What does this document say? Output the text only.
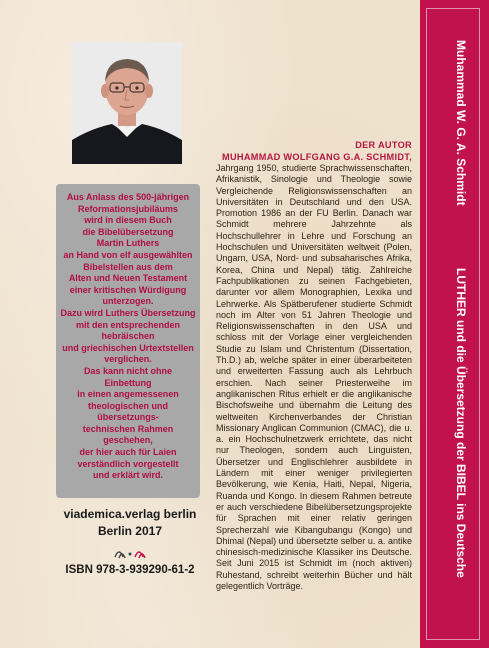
Muhammad W. G. A. Schmidt
LUTHER und die Übersetzung der BIBEL ins Deutsche
DER AUTOR
MUHAMMAD WOLFGANG G.A. SCHMIDT,

Jahrgang 1950, studierte Sprachwissenschaften, Afrikanistik, Sinologie und Theologie sowie Vergleichende Religionswissenschaften an Universitäten in Deutschland und den USA. Promotion 1986 an der FU Berlin. Danach war Schmidt mehrere Jahrzehnte als Hochschullehrer in Lehre und Forschung an Hochschulen und Universitäten weltweit (Polen, Ungarn, USA, Nord- und subsaharisches Afrika, Korea, China und Nepal) tätig. Zahlreiche Fachpublikationen zu seinen Fachgebieten, darunter vor allem Monographien, Lexika und Lehrwerke. Als Spätberufener studierte Schmidt noch im Alter von 51 Jahren Theologie und Religionswissenschaften in den USA und schloss mit der Vorlage einer vergleichenden Studie zu Islam und Christentum (Dissertation, Th.D.) ab, welche später in einer überarbeiteten und erweiterten Fassung auch als Lehrbuch erschien. Nach seiner Priesterweihe im anglikanischen Ritus erhielt er die anglikanische Bischofsweihe und übernahm die Leitung des weltweiten Kirchenverbandes der Christian Missionary Anglican Communion (CMAC), die u. a. ein Hochschulnetzwerk errichtete, das nicht nur Theologen, sondern auch Linguisten, Übersetzer und Englischlehrer ausbildete in Ländern mit einer weniger privilegierten Bevölkerung, wie Kenia, Haiti, Nepal, Nigeria, Ruanda und Kongo. In diesem Rahmen betreute er auch verschiedene Bibelübersetzungsprojekte für Sprachen mit einer relativ geringen Sprecherzahl wie Kibangubangu (Kongo) und Dhimal (Nepal) und übersetzte selber u. a. antike chinesisch-medizinische Klassiker ins Deutsche. Seit Juni 2015 ist Schmidt im (noch aktiven) Ruhestand, schreibt weiterhin Bücher und hält gelegentlich Vorträge.

Aus Anlass des 500-jährigen
Reformationsjubiläums
wird in diesem Buch
die Bibelübersetzung
Martin Luthers
an Hand von elf ausgewählten
Bibelstellen aus dem
Alten und Neuen Testament
einer kritischen Würdigung
unterzogen.
Dazu wird Luthers Übersetzung
mit den entsprechenden
hebräischen
und griechischen Urtextstellen
verglichen.
Das kann nicht ohne Einbettung
in einen angemessenen
theologischen und übersetzungs-
technischen Rahmen geschehen,
der hier auch für Laien
verständlich vorgestellt
und erklärt wird.
viademica.verlag berlin
Berlin 2017
ISBN 978-3-939290-61-2
